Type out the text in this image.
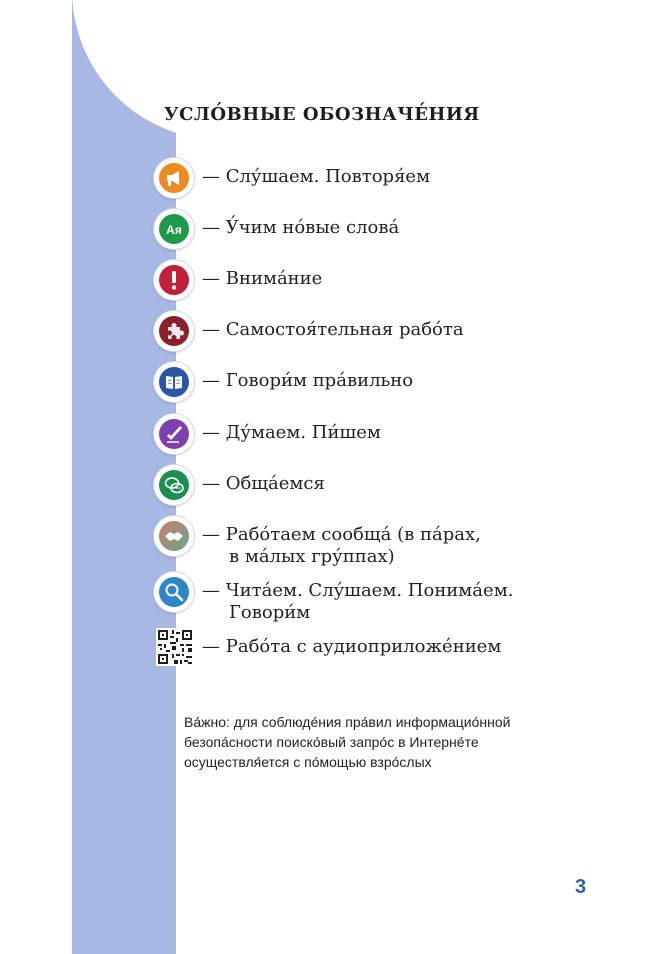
УСЛО́ВНЫЕ ОБОЗНАЧЕ́НИЯ
— Слу́шаем. Повторя́ем
Ая — У́чим но́вые слова́
— Внима́ние
— Самостоя́тельная рабо́та
— Говори́м пра́вильно
— Ду́маем. Пи́шем
— Обща́емся
— Рабо́таем сообща́ (в па́рах,
в ма́лых гру́ппах)
— Чита́ем. Слу́шаем. Понима́ем.
Говори́м
— Рабо́та с аудиоприложе́нием
Ва́жно: для соблюде́ния пра́вил информацио́нной безопа́сности поиско́вый запро́с в Интерне́те осуществля́ется с по́мощью взро́слых
3
